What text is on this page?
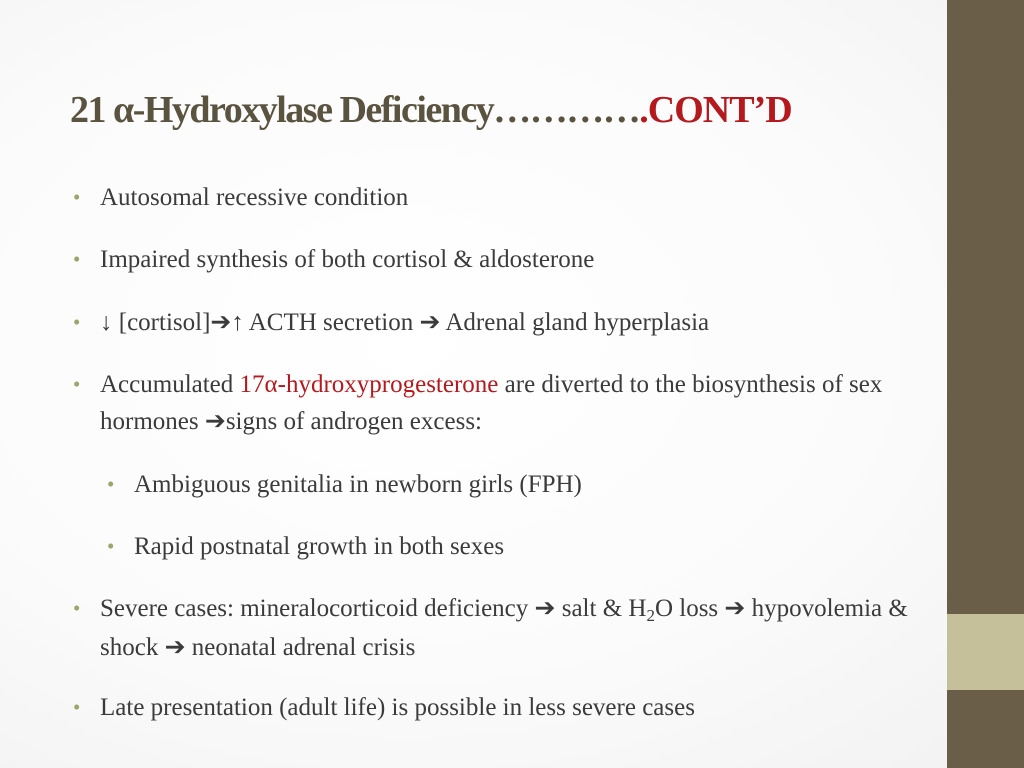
21 α-Hydroxylase Deficiency………….CONT’D

• Autosomal recessive condition

• Impaired synthesis of both cortisol & aldosterone

• ↓ [cortisol]➔↑ ACTH secretion ➔ Adrenal gland hyperplasia

• Accumulated 17α-hydroxyprogesterone are diverted to the biosynthesis of sex hormones ➔signs of androgen excess:

• Ambiguous genitalia in newborn girls (FPH)

• Rapid postnatal growth in both sexes

• Severe cases: mineralocorticoid deficiency ➔ salt & $H_2O$ loss ➔ hypovolemia & shock ➔ neonatal adrenal crisis

• Late presentation (adult life) is possible in less severe cases
